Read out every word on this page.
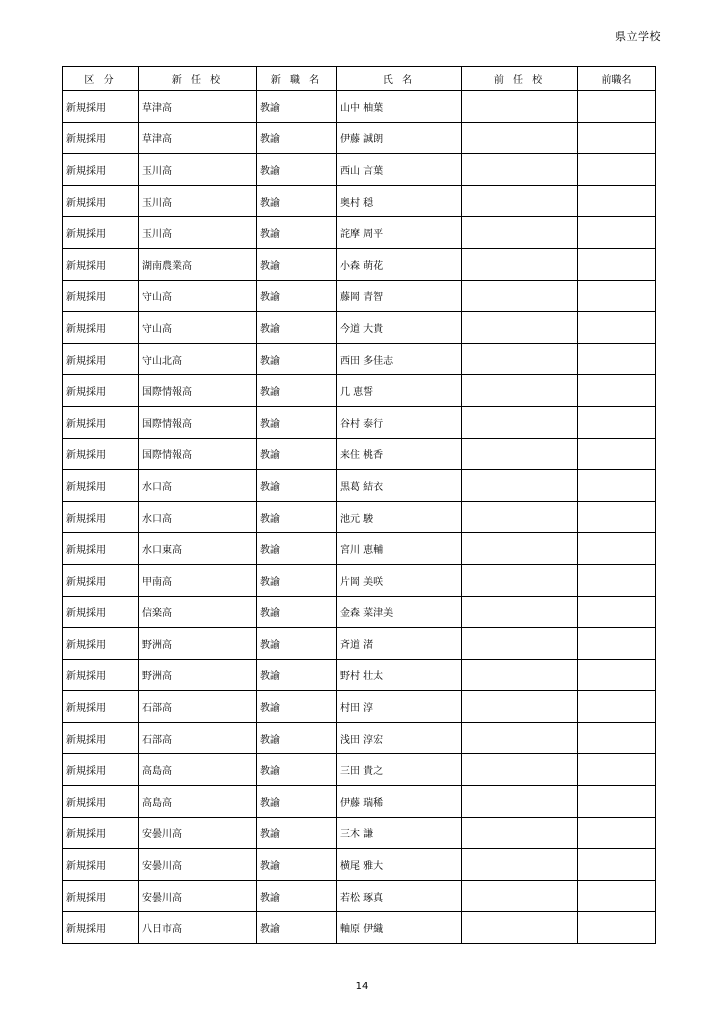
県立学校
区 分	新 任 校	新 職 名	氏 名	前 任 校	前職名
新規採用	草津高	教諭	山中 柚葉		
新規採用	草津高	教諭	伊藤 誠朗		
新規採用	玉川高	教諭	西山 言葉		
新規採用	玉川高	教諭	奥村 穏		
新規採用	玉川高	教諭	詫摩 周平		
新規採用	湖南農業高	教諭	小森 萌花		
新規採用	守山高	教諭	藤岡 青智		
新規採用	守山高	教諭	今道 大貴		
新規採用	守山北高	教諭	西田 多佳志		
新規採用	国際情報高	教諭	几 恵誓		
新規採用	国際情報高	教諭	谷村 泰行		
新規採用	国際情報高	教諭	来住 桃香		
新規採用	水口高	教諭	黒葛 結衣		
新規採用	水口高	教諭	池元 駿		
新規採用	水口東高	教諭	宮川 恵輔		
新規採用	甲南高	教諭	片岡 美咲		
新規採用	信楽高	教諭	金森 菜津美		
新規採用	野洲高	教諭	斉道 渚		
新規採用	野洲高	教諭	野村 壮太		
新規採用	石部高	教諭	村田 淳		
新規採用	石部高	教諭	浅田 淳宏		
新規採用	高島高	教諭	三田 貴之		
新規採用	高島高	教諭	伊藤 瑞稀		
新規採用	安曇川高	教諭	三木 謙		
新規採用	安曇川高	教諭	横尾 雅大		
新規採用	安曇川高	教諭	若松 琢真		
新規採用	八日市高	教諭	軸原 伊織		
14
